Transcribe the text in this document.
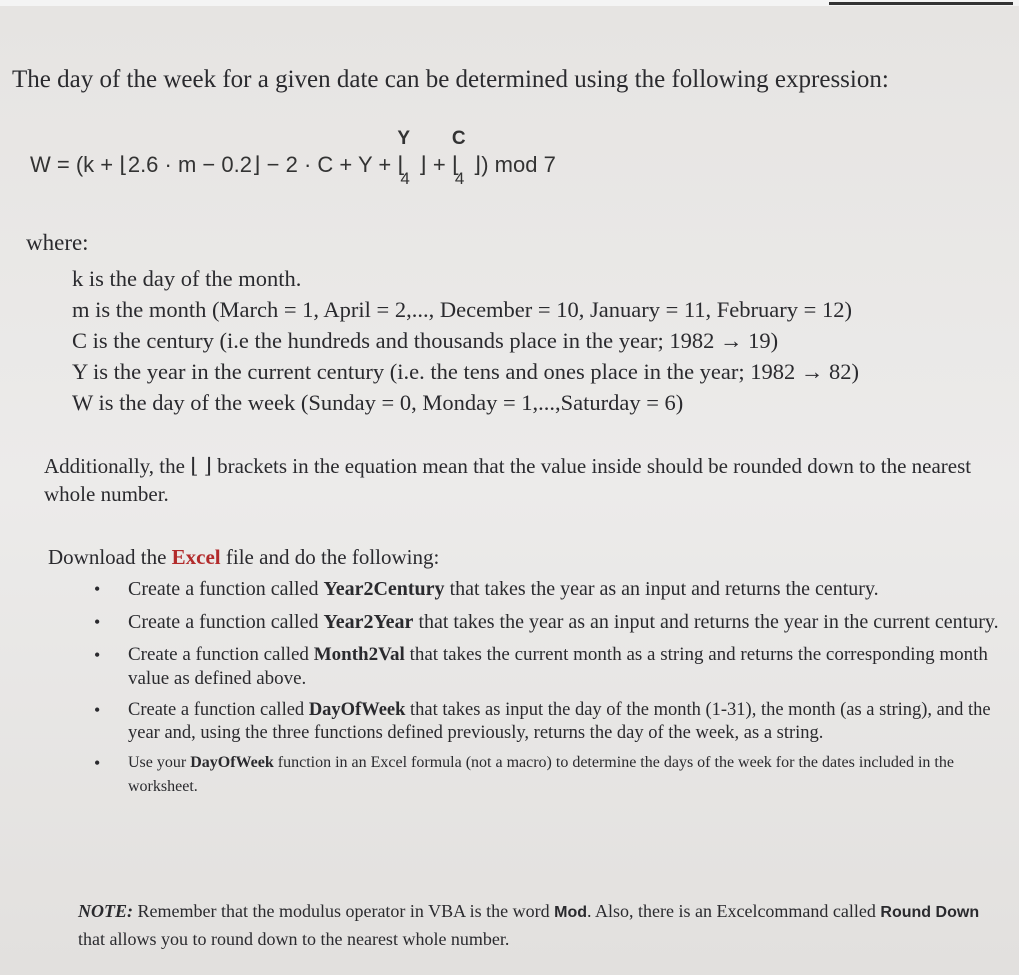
The day of the week for a given date can be determined using the following expression:
W = (k + ⌊2.6 · m − 0.2⌋ − 2 · C + Y + ⌊
Y
4
⌋ + ⌊
C
4
⌋) mod 7
where:
k is the day of the month.
m is the month (March = 1, April = 2,..., December = 10, January = 11, February = 12)
C is the century (i.e the hundreds and thousands place in the year; 1982 → 19)
Y is the year in the current century (i.e. the tens and ones place in the year; 1982 → 82)
W is the day of the week (Sunday = 0, Monday = 1,...,Saturday = 6)
Additionally, the ⌊ ⌋ brackets in the equation mean that the value inside should be rounded down to the nearest whole number.
Download the Excel file and do the following:
• Create a function called Year2Century that takes the year as an input and returns the century.
• Create a function called Year2Year that takes the year as an input and returns the year in the current century.
• Create a function called Month2Val that takes the current month as a string and returns the corresponding month value as defined above.
• Create a function called DayOfWeek that takes as input the day of the month (1-31), the month (as a string), and the year and, using the three functions defined previously, returns the day of the week, as a string.
• Use your DayOfWeek function in an Excel formula (not a macro) to determine the days of the week for the dates included in the worksheet.
NOTE: Remember that the modulus operator in VBA is the word Mod. Also, there is an Excelcommand called Round Down that allows you to round down to the nearest whole number.
